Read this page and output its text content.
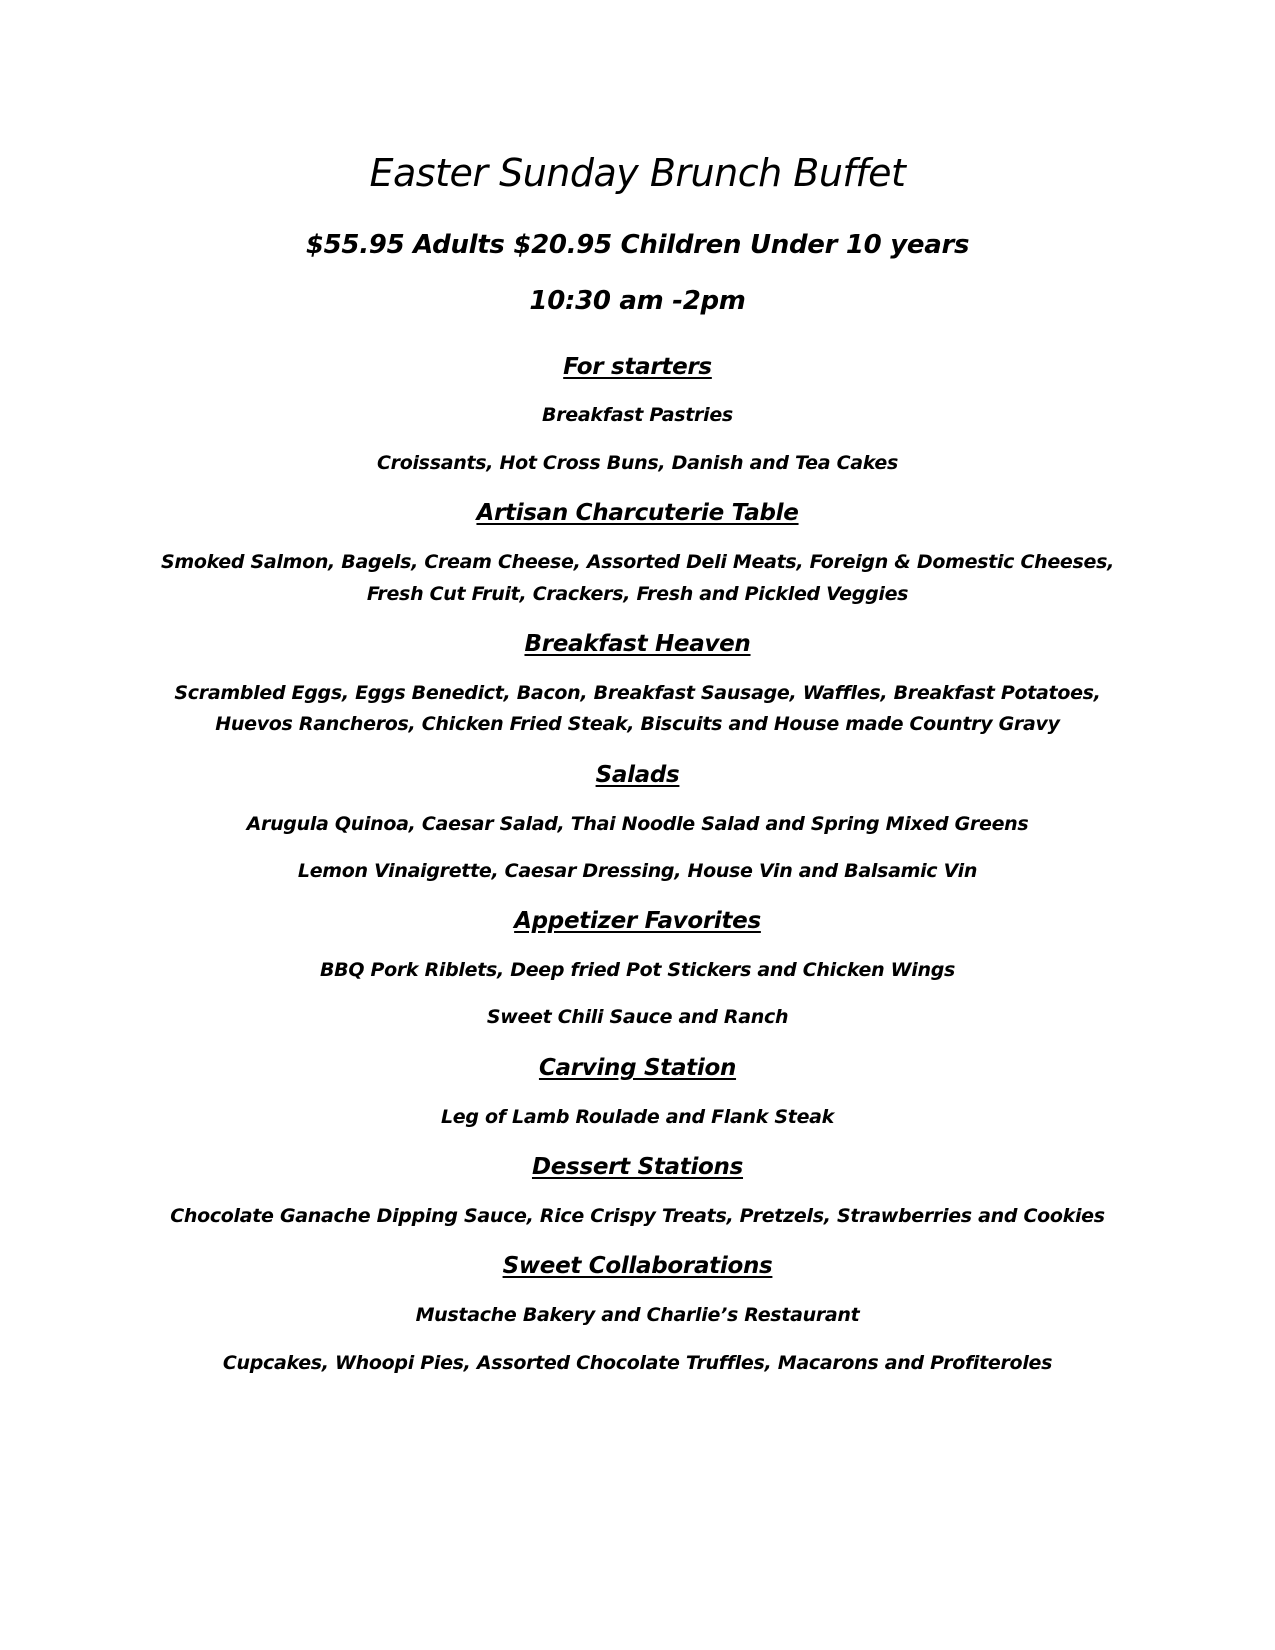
Easter Sunday Brunch Buffet
$55.95 Adults $20.95 Children Under 10 years
10:30 am -2pm
For starters
Breakfast Pastries
Croissants, Hot Cross Buns, Danish and Tea Cakes
Artisan Charcuterie Table
Smoked Salmon, Bagels, Cream Cheese, Assorted Deli Meats, Foreign & Domestic Cheeses,
Fresh Cut Fruit, Crackers, Fresh and Pickled Veggies
Breakfast Heaven
Scrambled Eggs, Eggs Benedict, Bacon, Breakfast Sausage, Waffles, Breakfast Potatoes,
Huevos Rancheros, Chicken Fried Steak, Biscuits and House made Country Gravy
Salads
Arugula Quinoa, Caesar Salad, Thai Noodle Salad and Spring Mixed Greens
Lemon Vinaigrette, Caesar Dressing, House Vin and Balsamic Vin
Appetizer Favorites
BBQ Pork Riblets, Deep fried Pot Stickers and Chicken Wings
Sweet Chili Sauce and Ranch
Carving Station
Leg of Lamb Roulade and Flank Steak
Dessert Stations
Chocolate Ganache Dipping Sauce, Rice Crispy Treats, Pretzels, Strawberries and Cookies
Sweet Collaborations
Mustache Bakery and Charlie’s Restaurant
Cupcakes, Whoopi Pies, Assorted Chocolate Truffles, Macarons and Profiteroles
